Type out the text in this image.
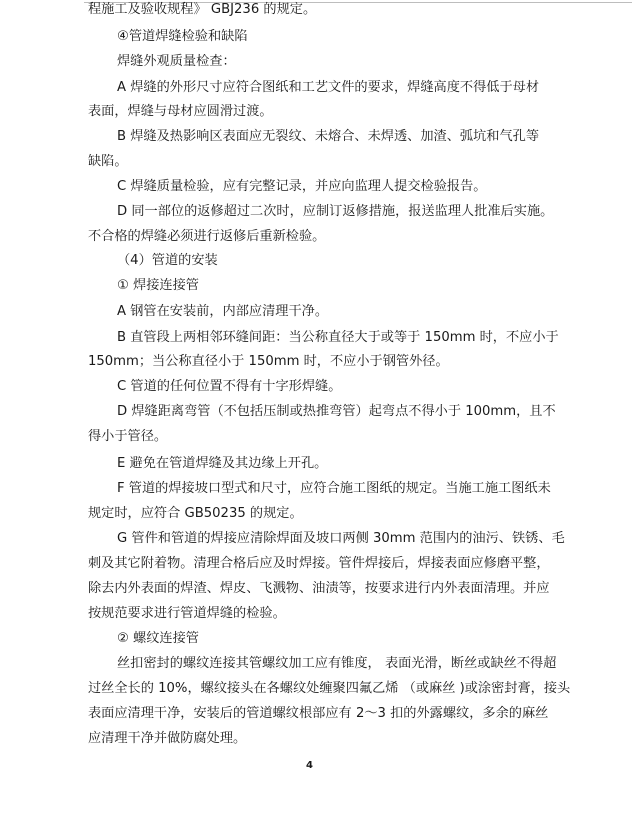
程施工及验收规程》 GBJ236 的规定。
④管道焊缝检验和缺陷
焊缝外观质量检查：
A 焊缝的外形尺寸应符合图纸和工艺文件的要求，焊缝高度不得低于母材
表面，焊缝与母材应圆滑过渡。
B 焊缝及热影响区表面应无裂纹、未熔合、未焊透、加渣、弧坑和气孔等
缺陷。
C 焊缝质量检验，应有完整记录，并应向监理人提交检验报告。
D 同一部位的返修超过二次时，应制订返修措施，报送监理人批准后实施。
不合格的焊缝必须进行返修后重新检验。
（4）管道的安装
① 焊接连接管
A 钢管在安装前，内部应清理干净。
B 直管段上两相邻环缝间距：当公称直径大于或等于 150mm 时，不应小于
150mm；当公称直径小于 150mm 时，不应小于钢管外径。
C 管道的任何位置不得有十字形焊缝。
D 焊缝距离弯管（不包括压制或热推弯管）起弯点不得小于 100mm，且不
得小于管径。
E 避免在管道焊缝及其边缘上开孔。
F 管道的焊接坡口型式和尺寸，应符合施工图纸的规定。当施工施工图纸未
规定时，应符合 GB50235 的规定。
G 管件和管道的焊接应清除焊面及坡口两侧 30mm 范围内的油污、铁锈、毛
刺及其它附着物。清理合格后应及时焊接。管件焊接后，焊接表面应修磨平整，
除去内外表面的焊渣、焊皮、飞溅物、油渍等，按要求进行内外表面清理。并应
按规范要求进行管道焊缝的检验。
② 螺纹连接管
丝扣密封的螺纹连接其管螺纹加工应有锥度， 表面光滑，断丝或缺丝不得超
过丝全长的 10%，螺纹接头在各螺纹处缠聚四氟乙烯 （或麻丝 )或涂密封膏，接头
表面应清理干净，安装后的管道螺纹根部应有 2～3 扣的外露螺纹，多余的麻丝
应清理干净并做防腐处理。
4
